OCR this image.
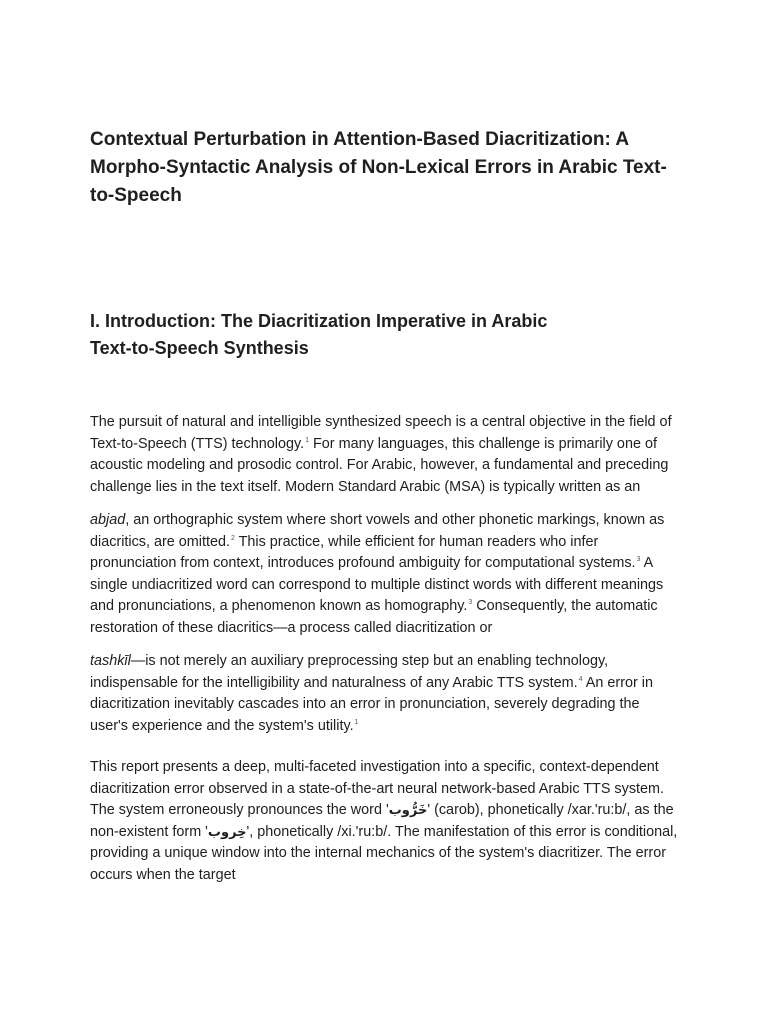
Contextual Perturbation in Attention-Based Diacritization: A Morpho-Syntactic Analysis of Non-Lexical Errors in Arabic Text-to-Speech
I. Introduction: The Diacritization Imperative in Arabic Text-to-Speech Synthesis

The pursuit of natural and intelligible synthesized speech is a central objective in the field of Text-to-Speech (TTS) technology.$^1$ For many languages, this challenge is primarily one of acoustic modeling and prosodic control. For Arabic, however, a fundamental and preceding challenge lies in the text itself. Modern Standard Arabic (MSA) is typically written as an

abjad, an orthographic system where short vowels and other phonetic markings, known as diacritics, are omitted.$^2$ This practice, while efficient for human readers who infer pronunciation from context, introduces profound ambiguity for computational systems.$^3$ A single undiacritized word can correspond to multiple distinct words with different meanings and pronunciations, a phenomenon known as homography.$^3$ Consequently, the automatic restoration of these diacritics—a process called diacritization or

tashkīl—is not merely an auxiliary preprocessing step but an enabling technology, indispensable for the intelligibility and naturalness of any Arabic TTS system.$^4$ An error in diacritization inevitably cascades into an error in pronunciation, severely degrading the user's experience and the system's utility.$^1$

This report presents a deep, multi-faceted investigation into a specific, context-dependent diacritization error observed in a state-of-the-art neural network-based Arabic TTS system. The system erroneously pronounces the word 'خَرُّوب' (carob), phonetically /xar.'ru:b/, as the non-existent form 'خِروب', phonetically /xi.'ru:b/. The manifestation of this error is conditional, providing a unique window into the internal mechanics of the system's diacritizer. The error occurs when the target
